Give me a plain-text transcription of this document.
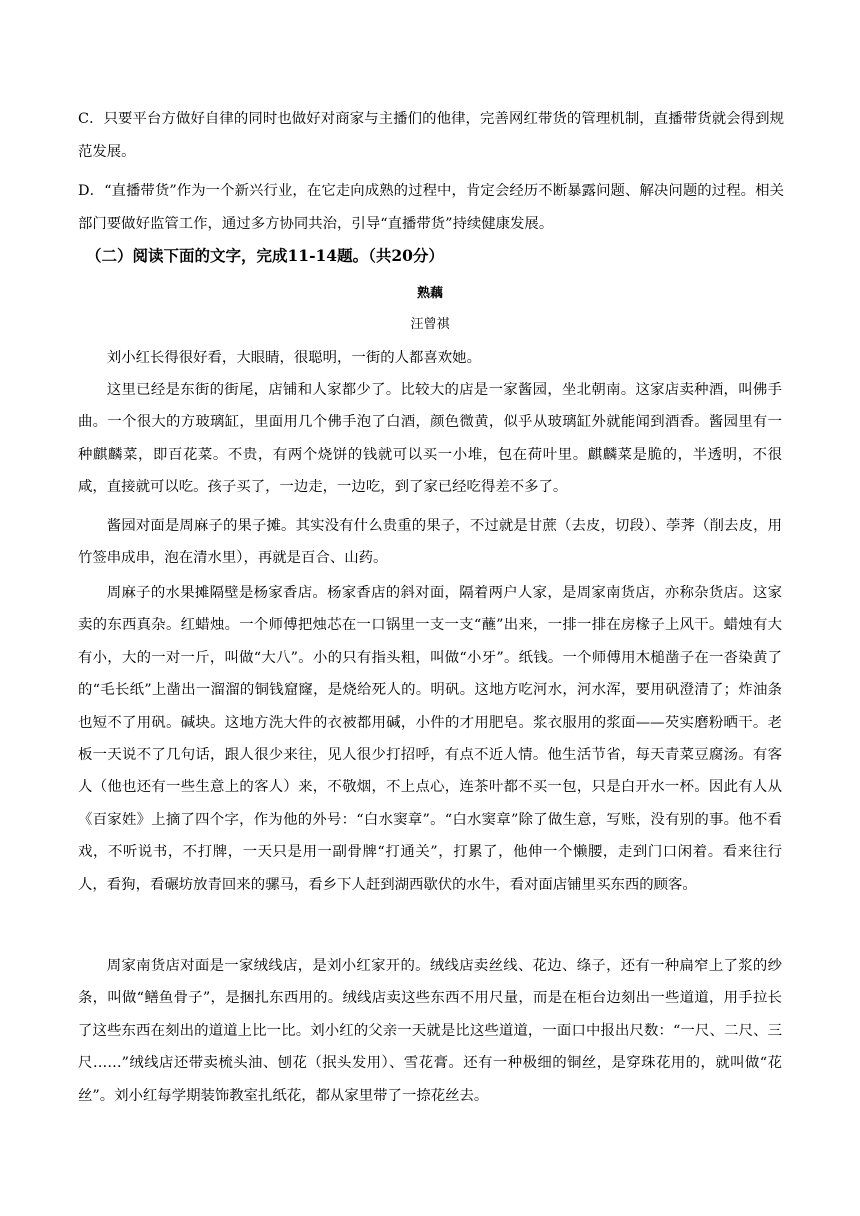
C．只要平台方做好自律的同时也做好对商家与主播们的他律，完善网红带货的管理机制，直播带货就会得到规范发展。

D．“直播带货”作为一个新兴行业，在它走向成熟的过程中，肯定会经历不断暴露问题、解决问题的过程。相关部门要做好监管工作，通过多方协同共治，引导“直播带货”持续健康发展。

（二）阅读下面的文字，完成11-14题。（共20分）

熟藕

汪曾祺

刘小红长得很好看，大眼睛，很聪明，一街的人都喜欢她。

这里已经是东街的街尾，店铺和人家都少了。比较大的店是一家酱园，坐北朝南。这家店卖种酒，叫佛手曲。一个很大的方玻璃缸，里面用几个佛手泡了白酒，颜色微黄，似乎从玻璃缸外就能闻到酒香。酱园里有一种麒麟菜，即百花菜。不贵，有两个烧饼的钱就可以买一小堆，包在荷叶里。麒麟菜是脆的，半透明，不很咸，直接就可以吃。孩子买了，一边走，一边吃，到了家已经吃得差不多了。

酱园对面是周麻子的果子摊。其实没有什么贵重的果子，不过就是甘蔗（去皮，切段）、荸荠（削去皮，用竹签串成串，泡在清水里），再就是百合、山药。

周麻子的水果摊隔壁是杨家香店。杨家香店的斜对面，隔着两户人家，是周家南货店，亦称杂货店。这家卖的东西真杂。红蜡烛。一个师傅把烛芯在一口锅里一支一支“蘸”出来，一排一排在房椽子上风干。蜡烛有大有小，大的一对一斤，叫做“大八”。小的只有指头粗，叫做“小牙”。纸钱。一个师傅用木槌凿子在一沓染黄了的“毛长纸”上凿出一溜溜的铜钱窟窿，是烧给死人的。明矾。这地方吃河水，河水浑，要用矾澄清了；炸油条也短不了用矾。碱块。这地方洗大件的衣被都用碱，小件的才用肥皂。浆衣服用的浆面——芡实磨粉晒干。老板一天说不了几句话，跟人很少来往，见人很少打招呼，有点不近人情。他生活节省，每天青菜豆腐汤。有客人（他也还有一些生意上的客人）来，不敬烟，不上点心，连茶叶都不买一包，只是白开水一杯。因此有人从《百家姓》上摘了四个字，作为他的外号：“白水窦章”。“白水窦章”除了做生意，写账，没有别的事。他不看戏，不听说书，不打牌，一天只是用一副骨牌“打通关”，打累了，他伸一个懒腰，走到门口闲着。看来往行人，看狗，看碾坊放青回来的骡马，看乡下人赶到湖西歇伏的水牛，看对面店铺里买东西的顾客。

周家南货店对面是一家绒线店，是刘小红家开的。绒线店卖丝线、花边、绦子，还有一种扁窄上了浆的纱条，叫做“鳝鱼骨子”，是捆扎东西用的。绒线店卖这些东西不用尺量，而是在柜台边刻出一些道道，用手拉长了这些东西在刻出的道道上比一比。刘小红的父亲一天就是比这些道道，一面口中报出尺数：“一尺、二尺、三尺……”绒线店还带卖梳头油、刨花（抿头发用）、雪花膏。还有一种极细的铜丝，是穿珠花用的，就叫做“花丝”。刘小红每学期装饰教室扎纸花，都从家里带了一捺花丝去。
